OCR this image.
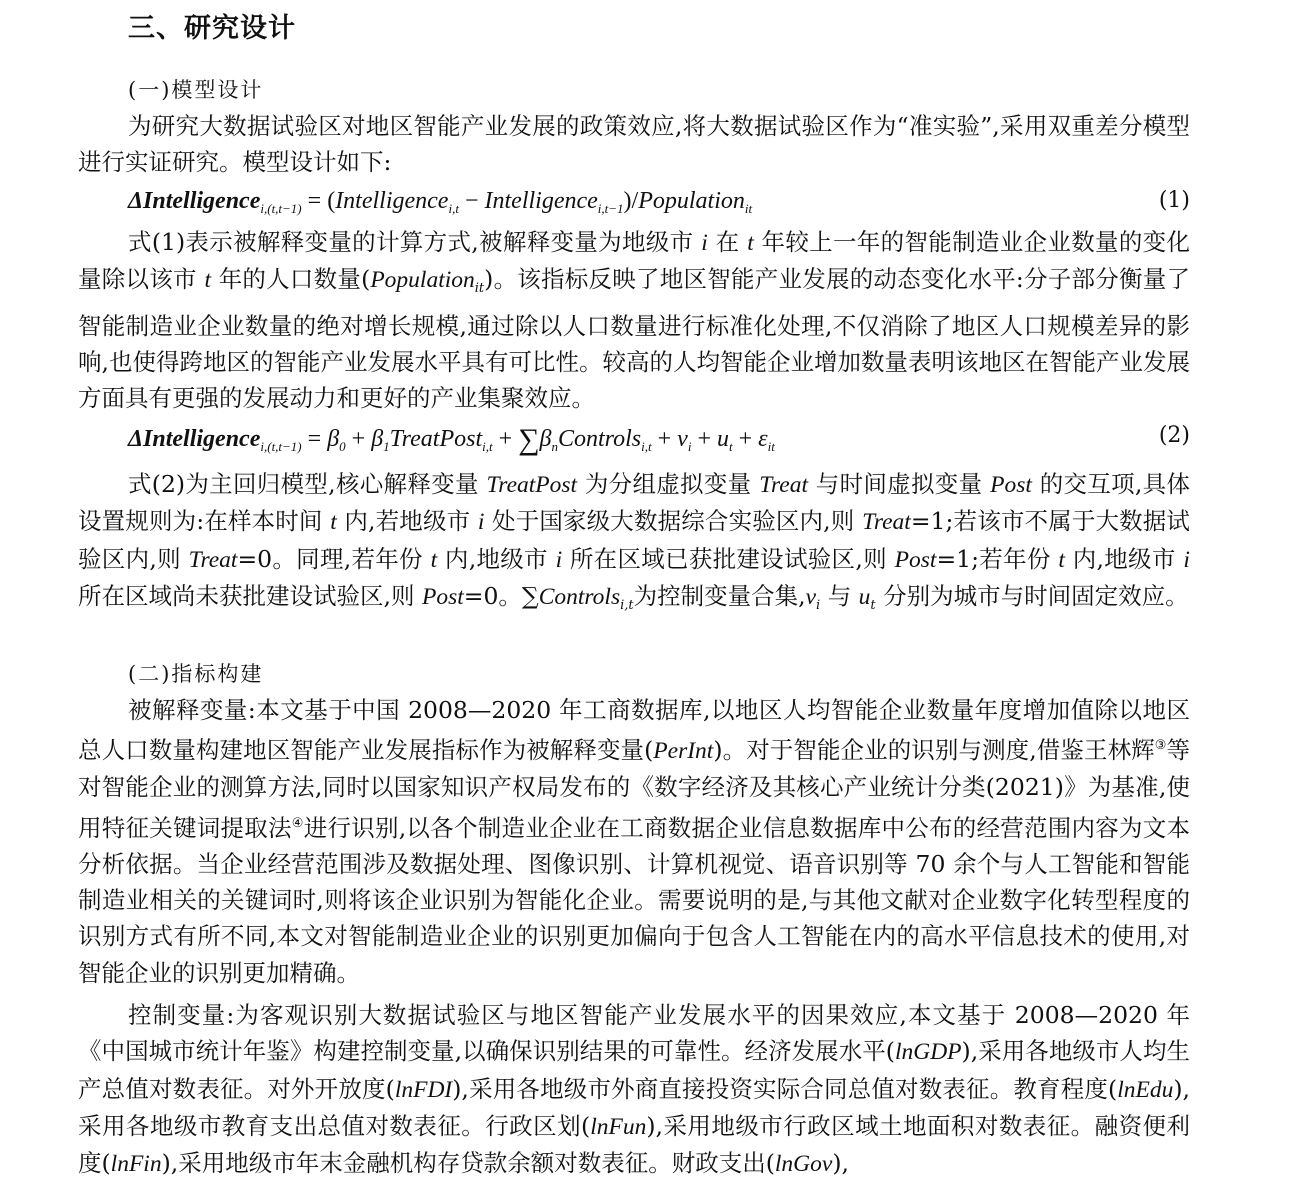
三、研究设计

(一)模型设计

为研究大数据试验区对地区智能产业发展的政策效应,将大数据试验区作为“准实验”,采用双重差分模型进行实证研究。模型设计如下:

ΔIntelligence$_{i,(t,t-1)}$ = (Intelligence$_{i,t}$ − Intelligence$_{i,t-1}$)/Population$_{it}$	(1)

式(1)表示被解释变量的计算方式,被解释变量为地级市 i 在 t 年较上一年的智能制造业企业数量的变化量除以该市 t 年的人口数量(Population$_{it}$)。该指标反映了地区智能产业发展的动态变化水平:分子部分衡量了智能制造业企业数量的绝对增长规模,通过除以人口数量进行标准化处理,不仅消除了地区人口规模差异的影响,也使得跨地区的智能产业发展水平具有可比性。较高的人均智能企业增加数量表明该地区在智能产业发展方面具有更强的发展动力和更好的产业集聚效应。

ΔIntelligence$_{i,(t,t-1)}$ = $\beta_0$ + $\beta_1TreatPost_{i,t}$ + $\sum\beta_nControls_{i,t} + v_i + u_t + \varepsilon_{it}$	(2)

式(2)为主回归模型,核心解释变量 TreatPost 为分组虚拟变量 Treat 与时间虚拟变量 Post 的交互项,具体设置规则为:在样本时间 t 内,若地级市 i 处于国家级大数据综合实验区内,则 Treat=1;若该市不属于大数据试验区内,则 Treat=0。同理,若年份 t 内,地级市 i 所在区域已获批建设试验区,则 Post=1;若年份 t 内,地级市 i 所在区域尚未获批建设试验区,则 Post=0。∑Controls$_{i,t}$为控制变量合集$,v_i$ 与 $u_t$ 分别为城市与时间固定效应。

(二)指标构建

被解释变量:本文基于中国 2008—2020 年工商数据库,以地区人均智能企业数量年度增加值除以地区总人口数量构建地区智能产业发展指标作为被解释变量(PerInt)。对于智能企业的识别与测度,借鉴王林辉③等对智能企业的测算方法,同时以国家知识产权局发布的《数字经济及其核心产业统计分类(2021)》为基准,使用特征关键词提取法④进行识别,以各个制造业企业在工商数据企业信息数据库中公布的经营范围内容为文本分析依据。当企业经营范围涉及数据处理、图像识别、计算机视觉、语音识别等 70 余个与人工智能和智能制造业相关的关键词时,则将该企业识别为智能化企业。需要说明的是,与其他文献对企业数字化转型程度的识别方式有所不同,本文对智能制造业企业的识别更加偏向于包含人工智能在内的高水平信息技术的使用,对智能企业的识别更加精确。

控制变量:为客观识别大数据试验区与地区智能产业发展水平的因果效应,本文基于 2008—2020 年《中国城市统计年鉴》构建控制变量,以确保识别结果的可靠性。经济发展水平(lnGDP),采用各地级市人均生产总值对数表征。对外开放度(lnFDI),采用各地级市外商直接投资实际合同总值对数表征。教育程度(lnEdu),采用各地级市教育支出总值对数表征。行政区划(lnFun),采用地级市行政区域土地面积对数表征。融资便利度(lnFin),采用地级市年末金融机构存贷款余额对数表征。财政支出(lnGov),
